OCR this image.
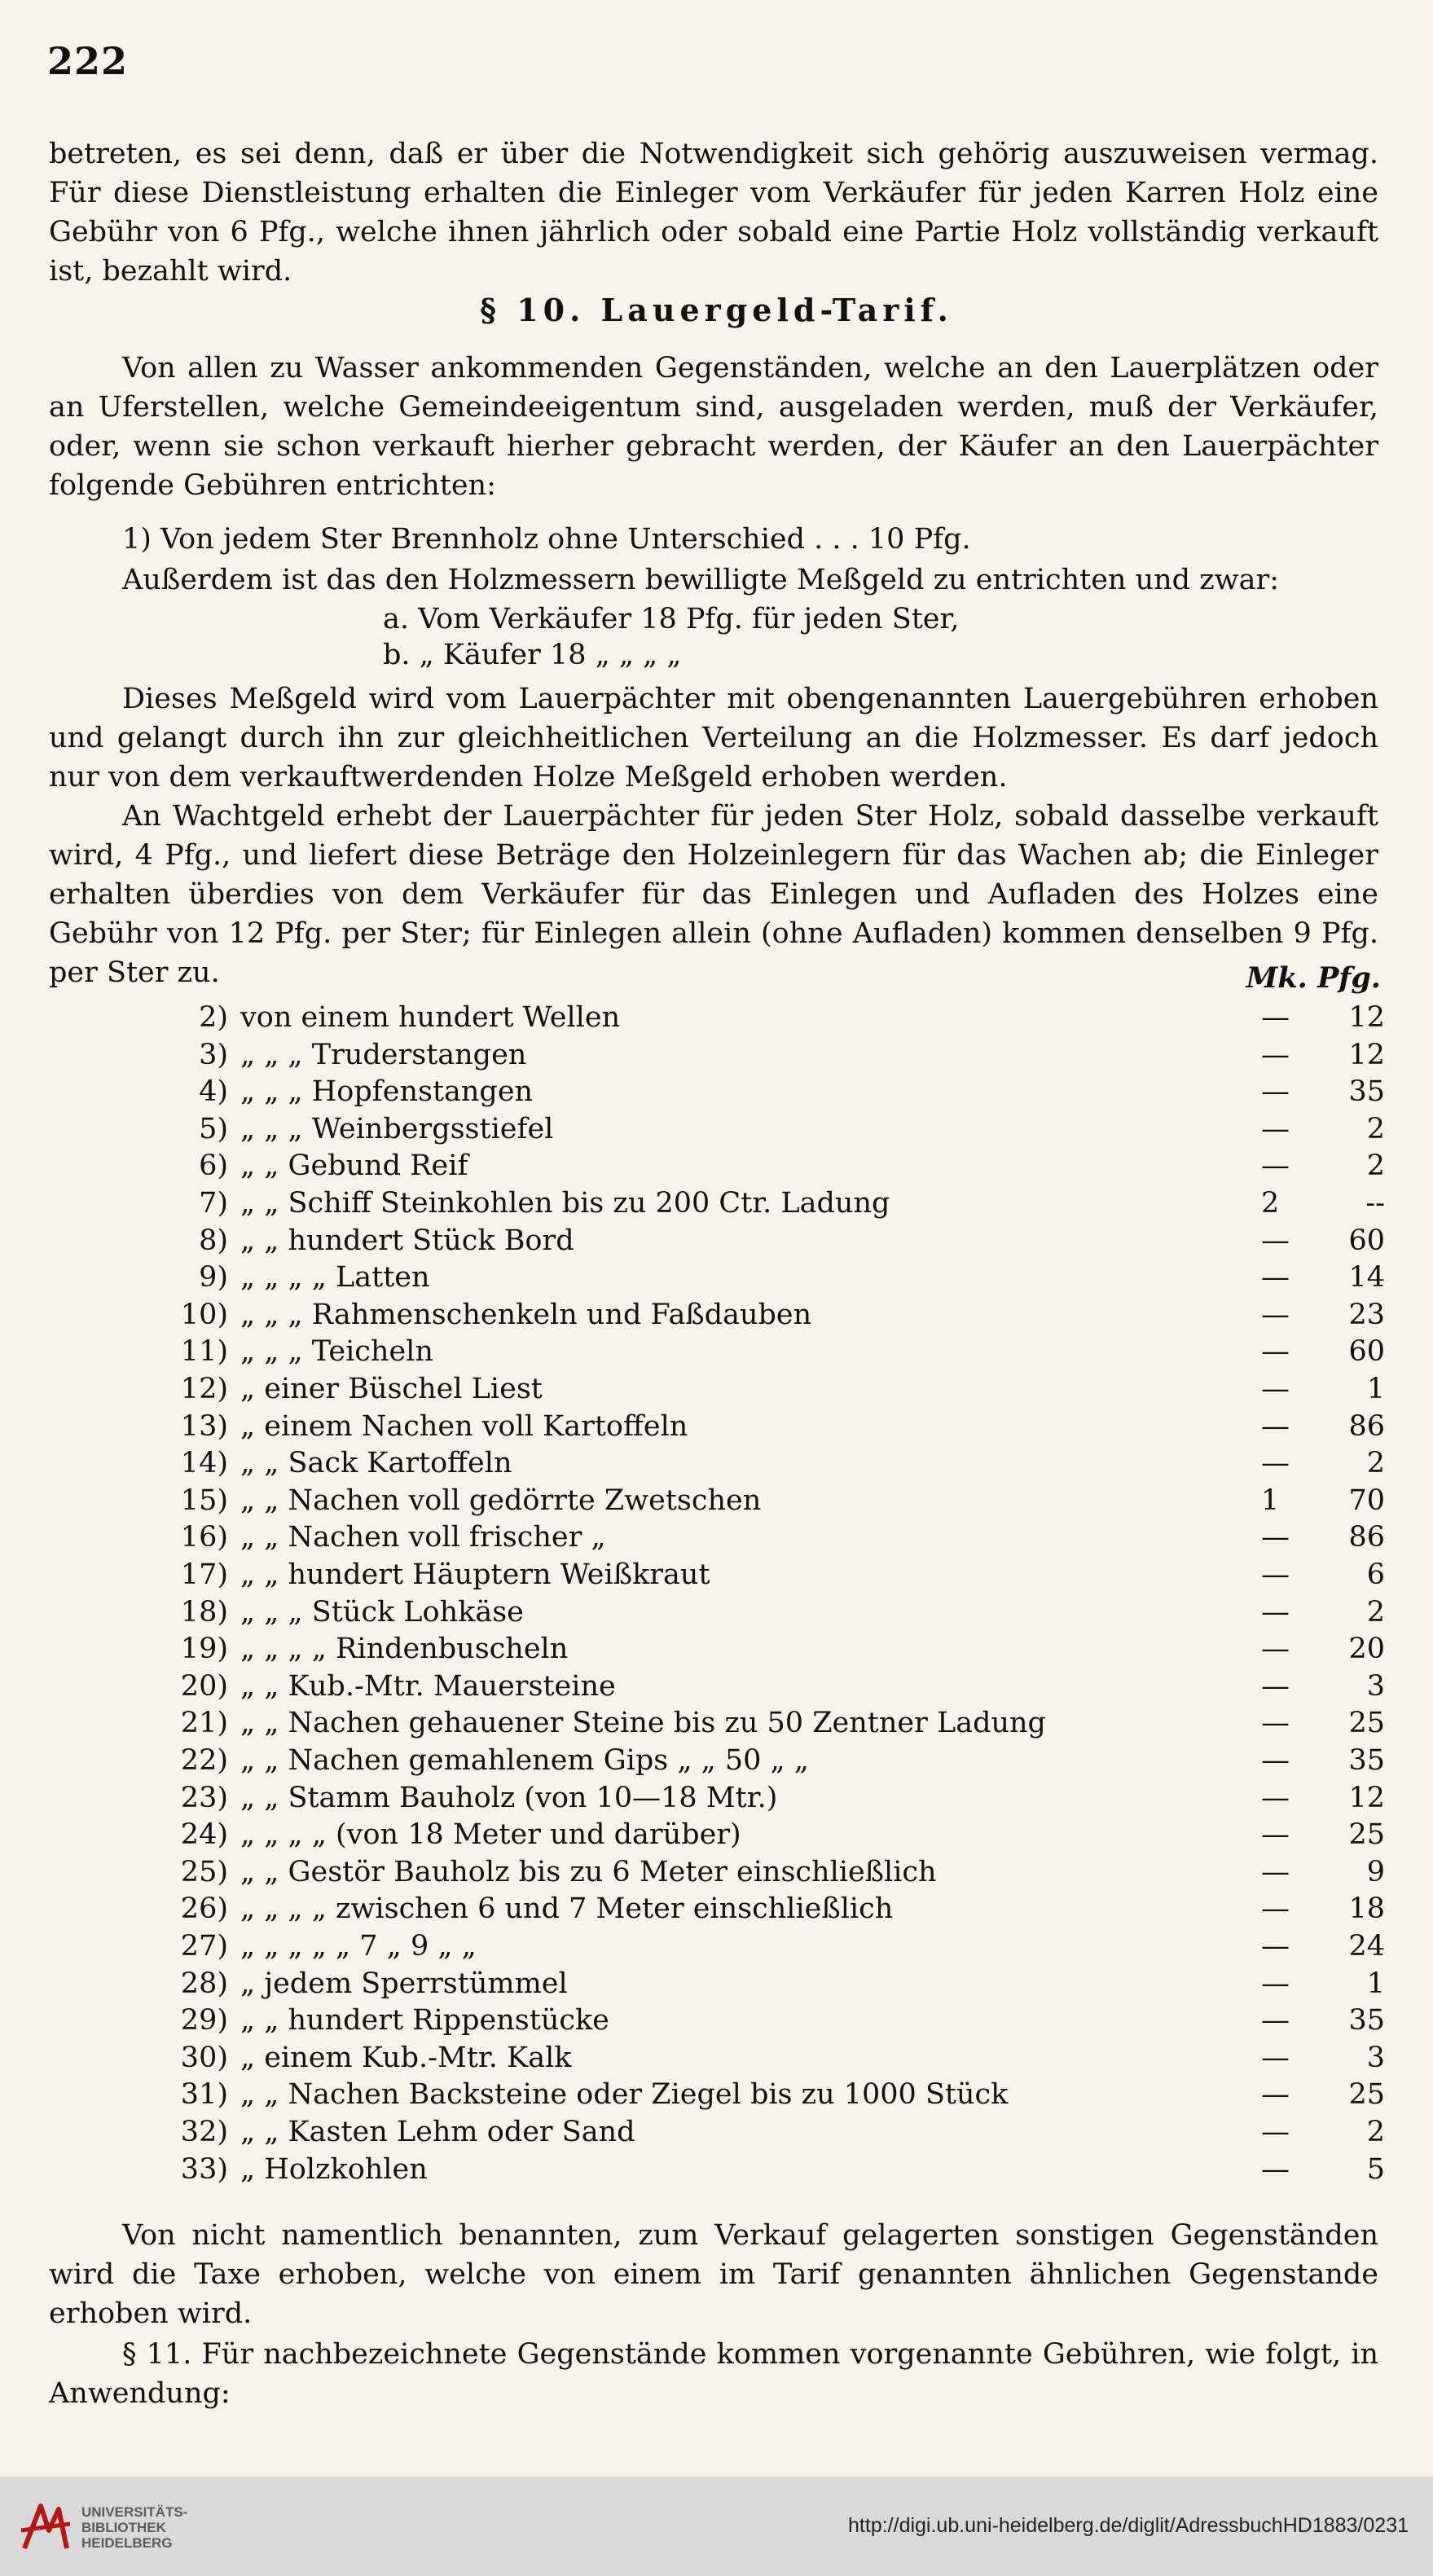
222
betreten, es sei denn, daß er über die Notwendigkeit sich gehörig auszuweisen vermag. Für diese Dienstleistung erhalten die Einleger vom Verkäufer für jeden Karren Holz eine Gebühr von 6 Pfg., welche ihnen jährlich oder sobald eine Partie Holz vollständig verkauft ist, bezahlt wird.
§ 10. Lauergeld-Tarif.
Von allen zu Wasser ankommenden Gegenständen, welche an den Lauerplätzen oder an Uferstellen, welche Gemeindeeigentum sind, ausgeladen werden, muß der Verkäufer, oder, wenn sie schon verkauft hierher gebracht werden, der Käufer an den Lauerpächter folgende Gebühren entrichten:
1) Von jedem Ster Brennholz ohne Unterschied . . . 10 Pfg.
Außerdem ist das den Holzmessern bewilligte Meßgeld zu entrichten und zwar:
a. Vom Verkäufer 18 Pfg. für jeden Ster,
b. „ Käufer 18 „ „ „ „
Dieses Meßgeld wird vom Lauerpächter mit obengenannten Lauergebühren erhoben und gelangt durch ihn zur gleichheitlichen Verteilung an die Holzmesser. Es darf jedoch nur von dem verkauftwerdenden Holze Meßgeld erhoben werden.
An Wachtgeld erhebt der Lauerpächter für jeden Ster Holz, sobald dasselbe verkauft wird, 4 Pfg., und liefert diese Beträge den Holzeinlegern für das Wachen ab; die Einleger erhalten überdies von dem Verkäufer für das Einlegen und Aufladen des Holzes eine Gebühr von 12 Pfg. per Ster; für Einlegen allein (ohne Aufladen) kommen denselben 9 Pfg. per Ster zu.	Mk. Pfg.
2) von einem hundert Wellen	—	12
3) „ „ „ Truderstangen	—	12
4) „ „ „ Hopfenstangen	—	35
5) „ „ „ Weinbergsstiefel	—	2
6) „ „ Gebund Reif	—	2
7) „ „ Schiff Steinkohlen bis zu 200 Ctr. Ladung	2	--
8) „ „ hundert Stück Bord	—	60
9) „ „ „ „ Latten	—	14
10) „ „ „ Rahmenschenkeln und Faßdauben	—	23
11) „ „ „ Teicheln	—	60
12) „ einer Büschel Liest	—	1
13) „ einem Nachen voll Kartoffeln	—	86
14) „ „ Sack Kartoffeln	—	2
15) „ „ Nachen voll gedörrte Zwetschen	1	70
16) „ „ Nachen voll frischer „	—	86
17) „ „ hundert Häuptern Weißkraut	—	6
18) „ „ „ Stück Lohkäse	—	2
19) „ „ „ „ Rindenbuscheln	—	20
20) „ „ Kub.-Mtr. Mauersteine	—	3
21) „ „ Nachen gehauener Steine bis zu 50 Zentner Ladung	—	25
22) „ „ Nachen gemahlenem Gips „ „ 50 „ „	—	35
23) „ „ Stamm Bauholz (von 10—18 Mtr.)	—	12
24) „ „ „ „ (von 18 Meter und darüber)	—	25
25) „ „ Gestör Bauholz bis zu 6 Meter einschließlich	—	9
26) „ „ „ „ zwischen 6 und 7 Meter einschließlich	—	18
27) „ „ „ „ „ 7 „ 9 „ „	—	24
28) „ jedem Sperrstümmel	—	1
29) „ „ hundert Rippenstücke	—	35
30) „ einem Kub.-Mtr. Kalk	—	3
31) „ „ Nachen Backsteine oder Ziegel bis zu 1000 Stück	—	25
32) „ „ Kasten Lehm oder Sand	—	2
33) „ Holzkohlen	—	5
Von nicht namentlich benannten, zum Verkauf gelagerten sonstigen Gegenständen wird die Taxe erhoben, welche von einem im Tarif genannten ähnlichen Gegenstande erhoben wird.
§ 11. Für nachbezeichnete Gegenstände kommen vorgenannte Gebühren, wie folgt, in Anwendung:
UNIVERSITÄTS-
BIBLIOTHEK
HEIDELBERG
http://digi.ub.uni-heidelberg.de/diglit/AdressbuchHD1883/0231
